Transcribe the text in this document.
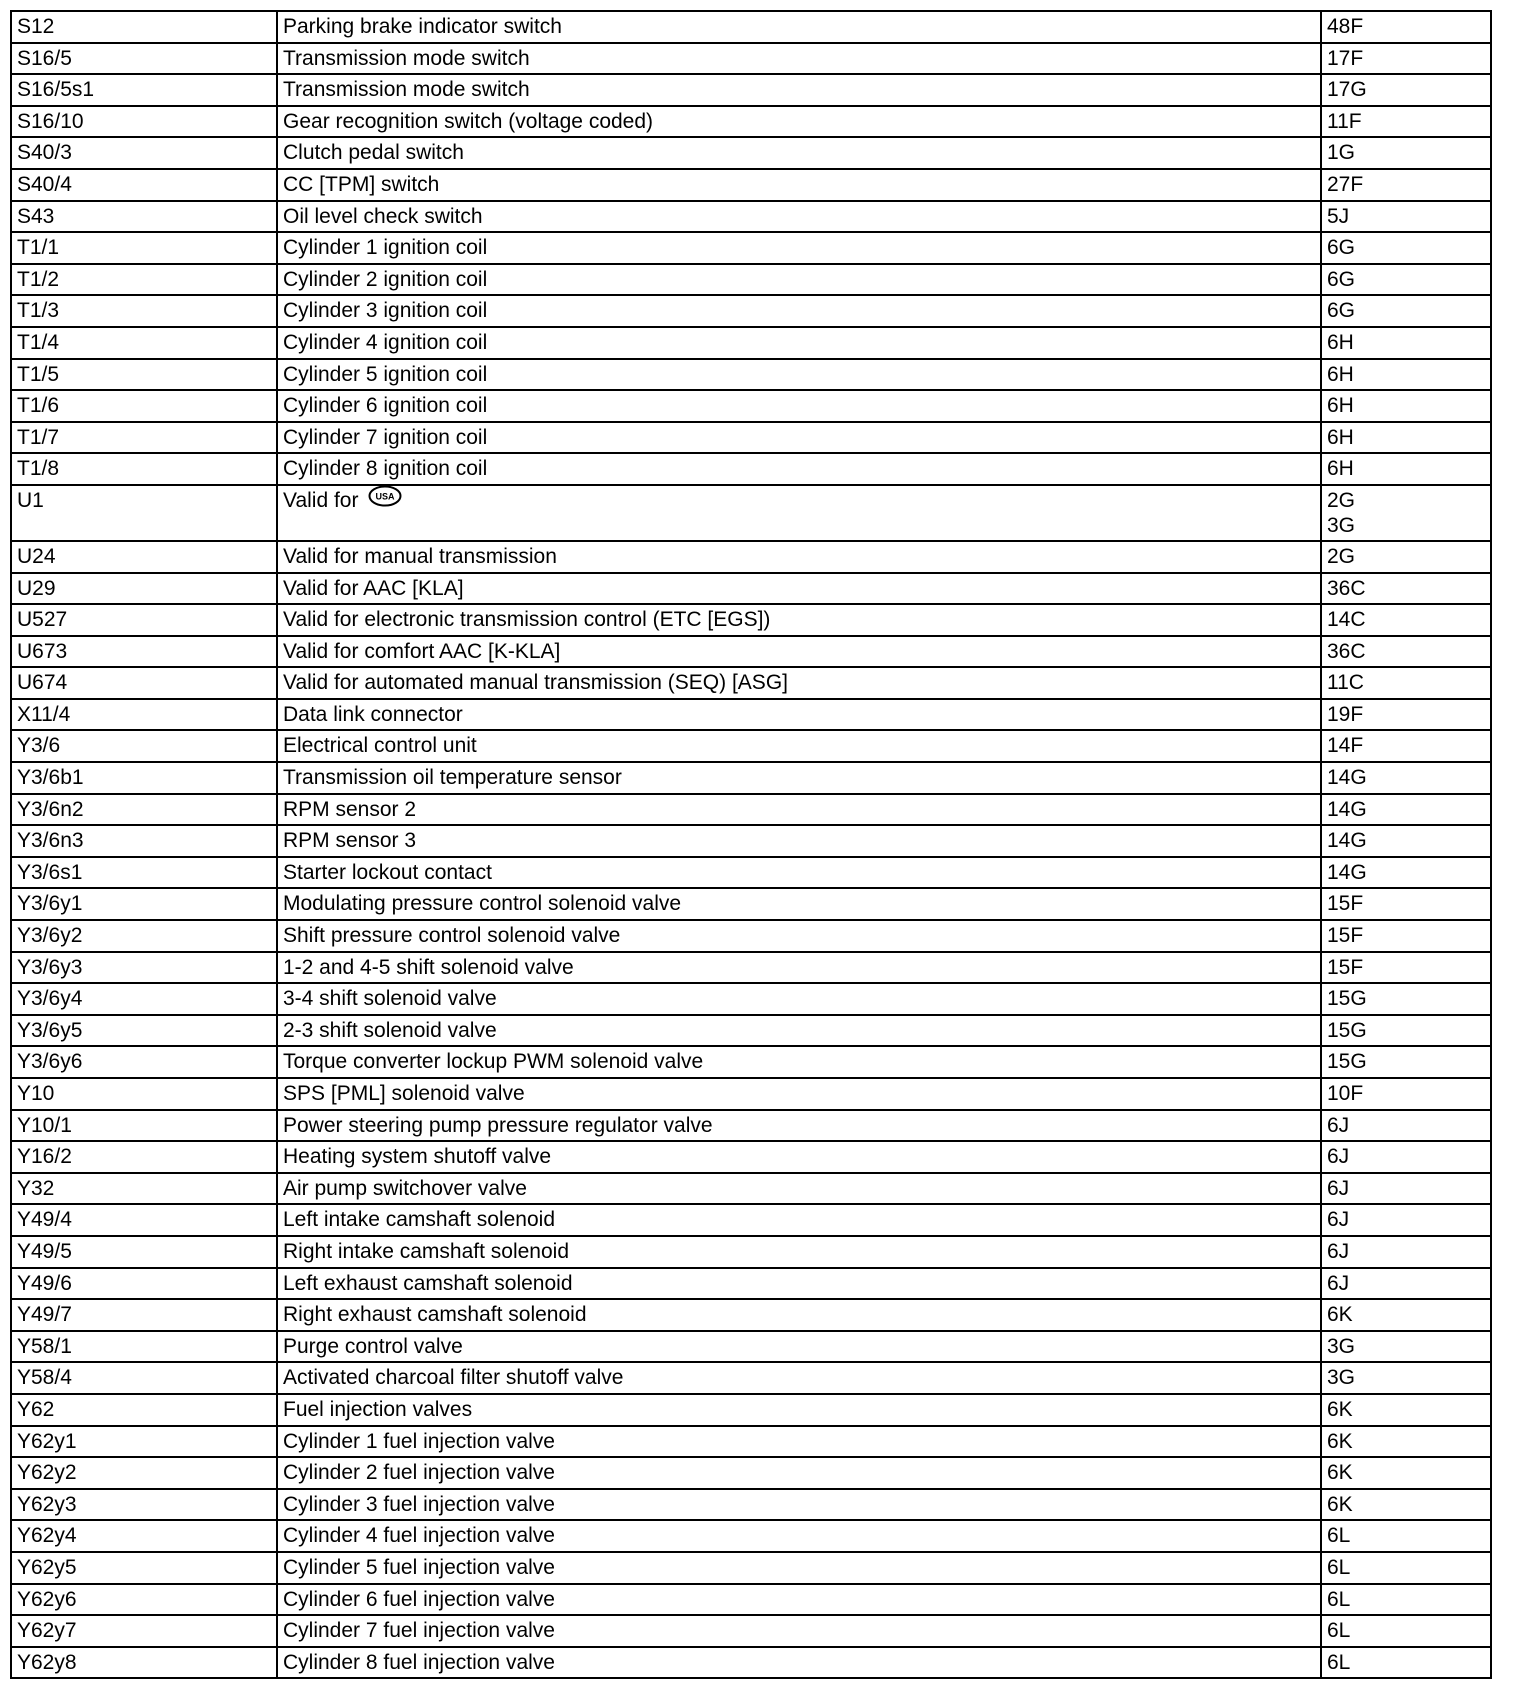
S12	Parking brake indicator switch	48F

S16/5	Transmission mode switch	17F

S16/5s1	Transmission mode switch	17G

S16/10	Gear recognition switch (voltage coded)	11F

S40/3	Clutch pedal switch	1G

S40/4	CC [TPM] switch	27F

S43	Oil level check switch	5J

T1/1	Cylinder 1 ignition coil	6G

T1/2	Cylinder 2 ignition coil	6G

T1/3	Cylinder 3 ignition coil	6G

T1/4	Cylinder 4 ignition coil	6H

T1/5	Cylinder 5 ignition coil	6H

T1/6	Cylinder 6 ignition coil	6H

T1/7	Cylinder 7 ignition coil	6H

T1/8	Cylinder 8 ignition coil	6H

U1	Valid for USA	2G
3G

U24	Valid for manual transmission	2G

U29	Valid for AAC [KLA]	36C

U527	Valid for electronic transmission control (ETC [EGS])	14C

U673	Valid for comfort AAC [K-KLA]	36C

U674	Valid for automated manual transmission (SEQ) [ASG]	11C

X11/4	Data link connector	19F

Y3/6	Electrical control unit	14F

Y3/6b1	Transmission oil temperature sensor	14G

Y3/6n2	RPM sensor 2	14G

Y3/6n3	RPM sensor 3	14G

Y3/6s1	Starter lockout contact	14G

Y3/6y1	Modulating pressure control solenoid valve	15F

Y3/6y2	Shift pressure control solenoid valve	15F

Y3/6y3	1-2 and 4-5 shift solenoid valve	15F

Y3/6y4	3-4 shift solenoid valve	15G

Y3/6y5	2-3 shift solenoid valve	15G

Y3/6y6	Torque converter lockup PWM solenoid valve	15G

Y10	SPS [PML] solenoid valve	10F

Y10/1	Power steering pump pressure regulator valve	6J

Y16/2	Heating system shutoff valve	6J

Y32	Air pump switchover valve	6J

Y49/4	Left intake camshaft solenoid	6J

Y49/5	Right intake camshaft solenoid	6J

Y49/6	Left exhaust camshaft solenoid	6J

Y49/7	Right exhaust camshaft solenoid	6K

Y58/1	Purge control valve	3G

Y58/4	Activated charcoal filter shutoff valve	3G

Y62	Fuel injection valves	6K

Y62y1	Cylinder 1 fuel injection valve	6K

Y62y2	Cylinder 2 fuel injection valve	6K

Y62y3	Cylinder 3 fuel injection valve	6K

Y62y4	Cylinder 4 fuel injection valve	6L

Y62y5	Cylinder 5 fuel injection valve	6L

Y62y6	Cylinder 6 fuel injection valve	6L

Y62y7	Cylinder 7 fuel injection valve	6L

Y62y8	Cylinder 8 fuel injection valve	6L
